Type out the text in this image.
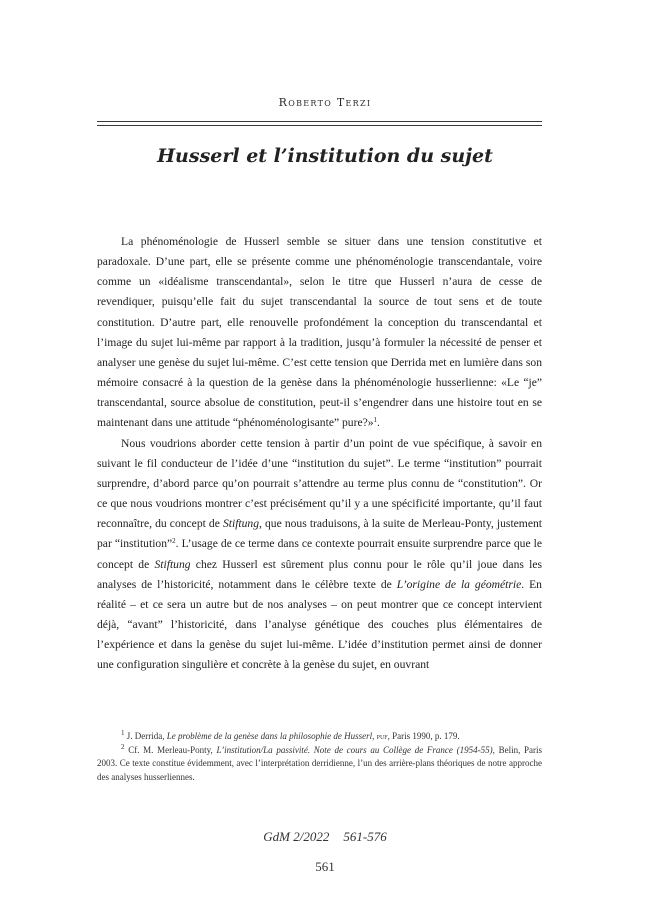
Roberto Terzi
Husserl et l’institution du sujet

La phénoménologie de Husserl semble se situer dans une tension constitutive et paradoxale. D’une part, elle se présente comme une phénoménologie transcendantale, voire comme un «idéalisme transcendantal», selon le titre que Husserl n’aura de cesse de revendiquer, puisqu’elle fait du sujet transcendantal la source de tout sens et de toute constitution. D’autre part, elle renouvelle profondément la conception du transcendantal et l’image du sujet lui-même par rapport à la tradition, jusqu’à formuler la nécessité de penser et analyser une genèse du sujet lui-même. C’est cette tension que Derrida met en lumière dans son mémoire consacré à la question de la genèse dans la phénoménologie husserlienne: «Le “je” transcendantal, source absolue de constitution, peut-il s’engendrer dans une histoire tout en se maintenant dans une attitude “phénoménologisante” pure?»$^1$.

Nous voudrions aborder cette tension à partir d’un point de vue spécifique, à savoir en suivant le fil conducteur de l’idée d’une “institution du sujet”. Le terme “institution” pourrait surprendre, d’abord parce qu’on pourrait s’attendre au terme plus connu de “constitution”. Or ce que nous voudrions montrer c’est précisément qu’il y a une spécificité importante, qu’il faut reconnaître, du concept de Stiftung, que nous traduisons, à la suite de Merleau-Ponty, justement par “institution”$^2$. L’usage de ce terme dans ce contexte pourrait ensuite surprendre parce que le concept de Stiftung chez Husserl est sûrement plus connu pour le rôle qu’il joue dans les analyses de l’historicité, notamment dans le célèbre texte de L’origine de la géométrie. En réalité – et ce sera un autre but de nos analyses – on peut montrer que ce concept intervient déjà, “avant” l’historicité, dans l’analyse génétique des couches plus élémentaires de l’expérience et dans la genèse du sujet lui-même. L’idée d’institution permet ainsi de donner une configuration singulière et concrète à la genèse du sujet, en ouvrant

$^1$ J. Derrida, Le problème de la genèse dans la philosophie de Husserl, puf, Paris 1990, p. 179.

$^2$ Cf. M. Merleau-Ponty, L’institution/La passivité. Note de cours au Collège de France (1954-55), Belin, Paris 2003. Ce texte constitue évidemment, avec l’interprétation derridienne, l’un des arrière-plans théoriques de notre approche des analyses husserliennes.

GdM 2/2022 561-576
561
